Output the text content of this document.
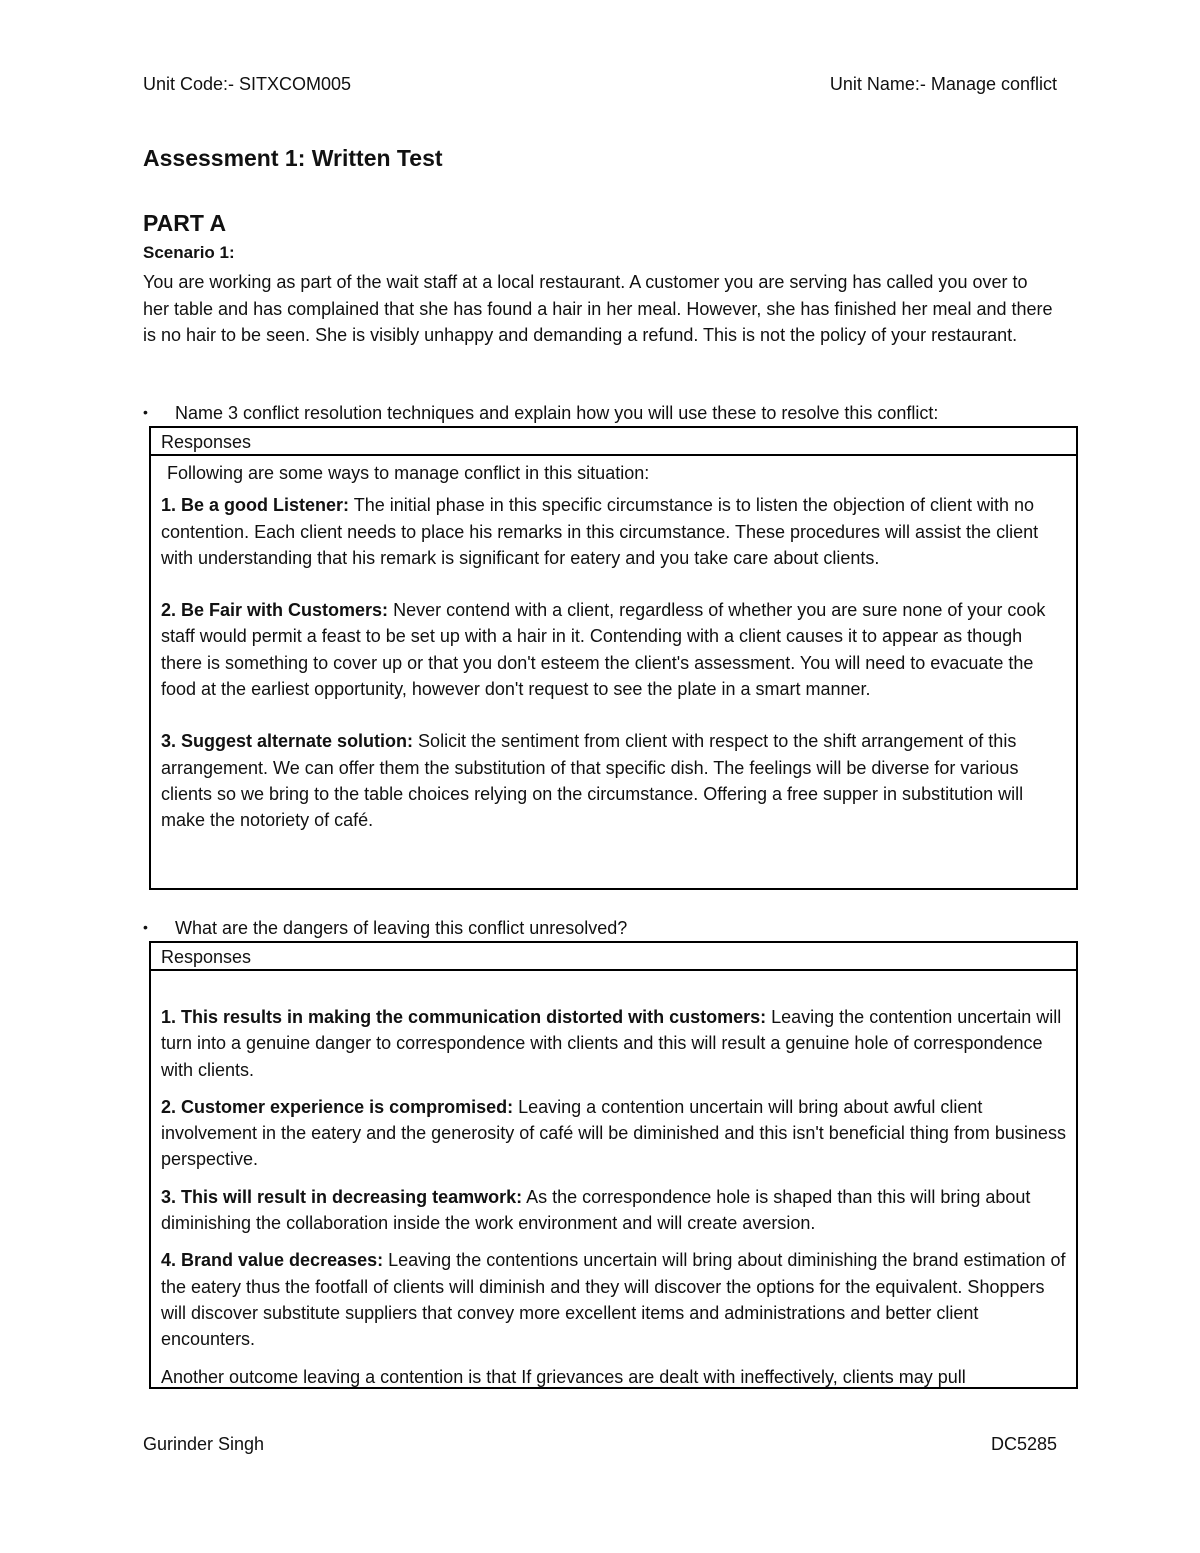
Unit Code:- SITXCOM005	Unit Name:- Manage conflict
Assessment 1: Written Test
PART A
Scenario 1:
You are working as part of the wait staff at a local restaurant. A customer you are serving has called you over to her table and has complained that she has found a hair in her meal. However, she has finished her meal and there is no hair to be seen. She is visibly unhappy and demanding a refund. This is not the policy of your restaurant.
• Name 3 conflict resolution techniques and explain how you will use these to resolve this conflict:
Responses

Following are some ways to manage conflict in this situation:

1. Be a good Listener: The initial phase in this specific circumstance is to listen the objection of client with no contention. Each client needs to place his remarks in this circumstance. These procedures will assist the client with understanding that his remark is significant for eatery and you take care about clients.

2. Be Fair with Customers: Never contend with a client, regardless of whether you are sure none of your cook staff would permit a feast to be set up with a hair in it. Contending with a client causes it to appear as though there is something to cover up or that you don't esteem the client's assessment. You will need to evacuate the food at the earliest opportunity, however don't request to see the plate in a smart manner.

3. Suggest alternate solution: Solicit the sentiment from client with respect to the shift arrangement of this arrangement. We can offer them the substitution of that specific dish. The feelings will be diverse for various clients so we bring to the table choices relying on the circumstance. Offering a free supper in substitution will make the notoriety of café.

• What are the dangers of leaving this conflict unresolved?
Responses

1. This results in making the communication distorted with customers: Leaving the contention uncertain will turn into a genuine danger to correspondence with clients and this will result a genuine hole of correspondence with clients.

2. Customer experience is compromised: Leaving a contention uncertain will bring about awful client involvement in the eatery and the generosity of café will be diminished and this isn't beneficial thing from business perspective.

3. This will result in decreasing teamwork: As the correspondence hole is shaped than this will bring about diminishing the collaboration inside the work environment and will create aversion.

4. Brand value decreases: Leaving the contentions uncertain will bring about diminishing the brand estimation of the eatery thus the footfall of clients will diminish and they will discover the options for the equivalent. Shoppers will discover substitute suppliers that convey more excellent items and administrations and better client encounters.

Another outcome leaving a contention is that If grievances are dealt with ineffectively, clients may pull

Gurinder Singh	DC5285
